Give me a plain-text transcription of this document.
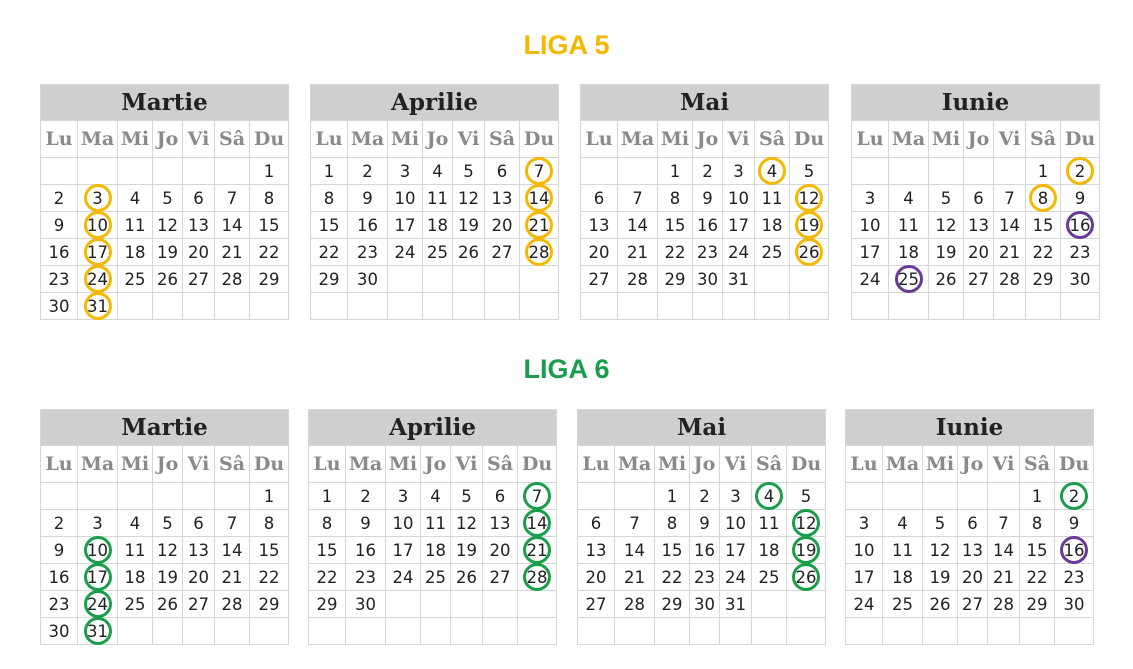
LIGA 5
LIGA 6
Martie						
Lu	Ma	Mi	Jo	Vi	Sâ	Du
						1
2	3	4	5	6	7	8
9	10	11	12	13	14	15
16	17	18	19	20	21	22
23	24	25	26	27	28	29
30	31

Aprilie						
Lu	Ma	Mi	Jo	Vi	Sâ	Du
1	2	3	4	5	6	7

8	9	10	11	12	13	14

15	16	17	18	19	20	21

22	23	24	25	26	27	28

29	30					

Mai						
Lu	Ma	Mi	Jo	Vi	Sâ	Du
		1	2	3	4	5
6	7	8	9	10	11	12

13	14	15	16	17	18	19

20	21	22	23	24	25	26

27	28	29	30	31		

Iunie						
Lu	Ma	Mi	Jo	Vi	Sâ	Du
					1	2

3	4	5	6	7	8	9
10	11	12	13	14	15	16

17	18	19	20	21	22	23
24	25	26	27	28	29	30

Martie						
Lu	Ma	Mi	Jo	Vi	Sâ	Du
						1
2	3	4	5	6	7	8
9	10	11	12	13	14	15
16	17	18	19	20	21	22
23	24	25	26	27	28	29
30	31

Aprilie						
Lu	Ma	Mi	Jo	Vi	Sâ	Du
1	2	3	4	5	6	7

8	9	10	11	12	13	14

15	16	17	18	19	20	21

22	23	24	25	26	27	28

29	30					

Mai						
Lu	Ma	Mi	Jo	Vi	Sâ	Du
		1	2	3	4	5
6	7	8	9	10	11	12

13	14	15	16	17	18	19

20	21	22	23	24	25	26

27	28	29	30	31		

Iunie						
Lu	Ma	Mi	Jo	Vi	Sâ	Du
					1	2

3	4	5	6	7	8	9
10	11	12	13	14	15	16

17	18	19	20	21	22	23
24	25	26	27	28	29	30
